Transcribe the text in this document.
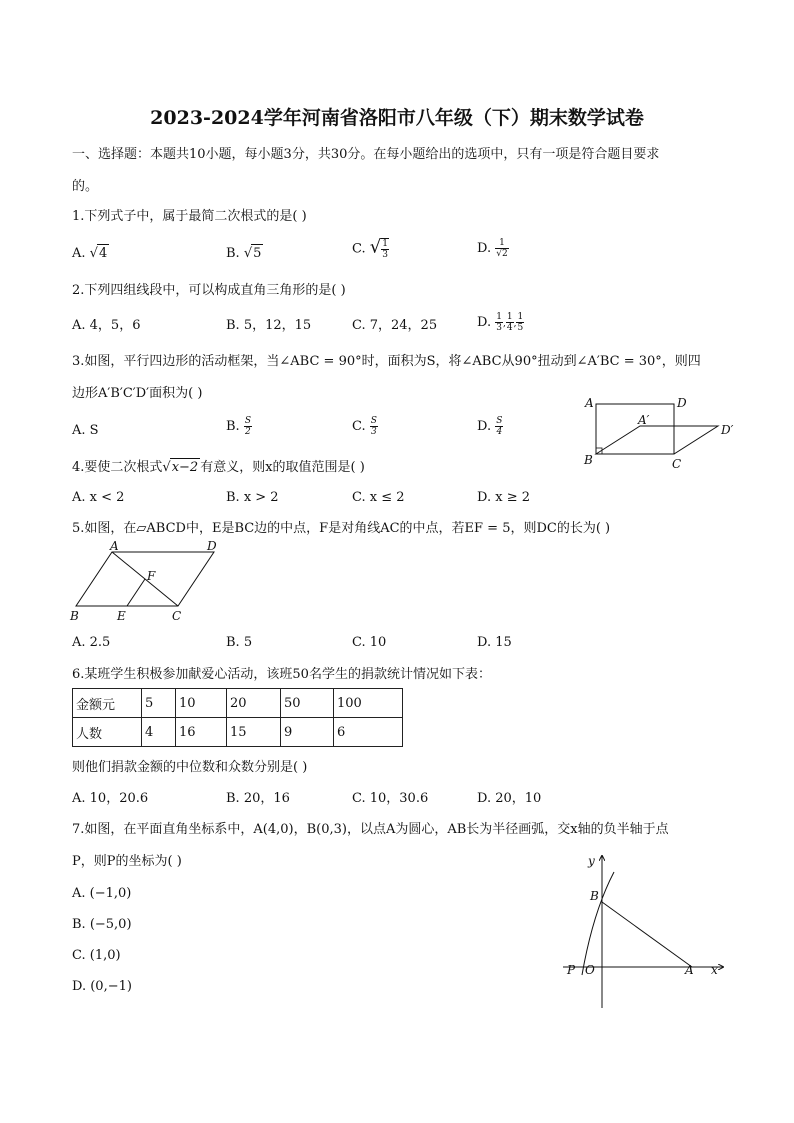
2023-2024学年河南省洛阳市八年级（下）期末数学试卷
一、选择题：本题共10小题，每小题3分，共30分。在每小题给出的选项中，只有一项是符合题目要求
的。
1.下列式子中，属于最简二次根式的是( )
A. √4	B. √5	C. √ $\frac{1}{3}$	D. $\frac{1}{√2}$
2.下列四组线段中，可以构成直角三角形的是( )
A. 4，5，6	B. 5，12，15	C. 7，24，25	D. $\frac{1}{3}$ , $\frac{1}{4}$ , $\frac{1}{5}$
3.如图，平行四边形的活动框架，当∠ABC = 90°时，面积为S，将∠ABC从90°扭动到∠A′BC = 30°，则四
边形A′B′C′D′面积为( )
A. S	B. $\frac{S}{2}$	C. $\frac{S}{3}$	D. $\frac{S}{4}$
A	D
A′
D′
B	C
4.要使二次根式√x−2 有意义，则x的取值范围是( )
A. x < 2	B. x > 2	C. x ≤ 2	D. x ≥ 2
5.如图，在▱ABCD中，E是BC边的中点，F是对角线AC的中点，若EF = 5，则DC的长为( )
A	D
F
B	E	C
A. 2.5	B. 5	C. 10	D. 15
6.某班学生积极参加献爱心活动，该班50名学生的捐款统计情况如下表：
金额元	5	10	20	50	100
人数	4	16	15	9	6
则他们捐款金额的中位数和众数分别是( )
A. 10，20.6	B. 20，16	C. 10，30.6	D. 20，10
7.如图，在平面直角坐标系中，A(4,0)，B(0,3)，以点A为圆心，AB长为半径画弧，交x轴的负半轴于点
P，则P的坐标为( )
A. (−1,0)
B. (−5,0)
C. (1,0)
D. (0,−1)
y
B
P O	A x
